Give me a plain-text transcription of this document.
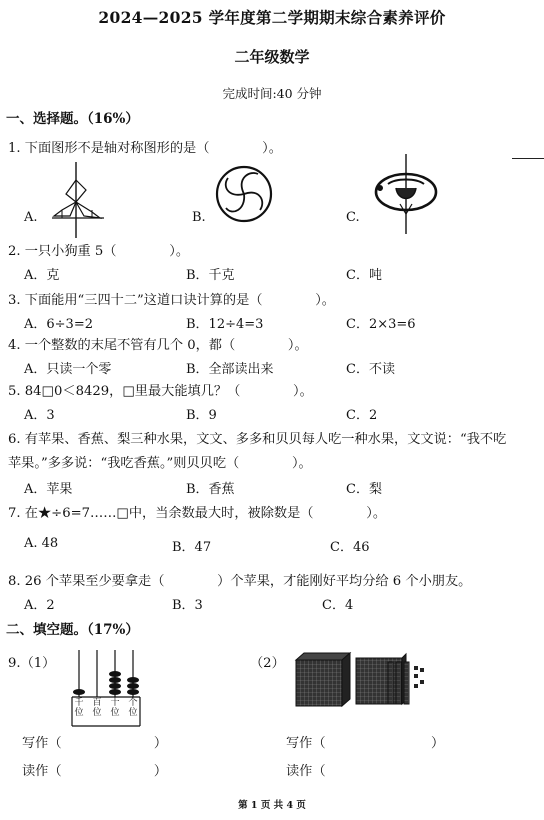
2024—2025 学年度第二学期期末综合素养评价
二年级数学
完成时间:40 分钟
一、选择题。（16%）
1. 下面图形不是轴对称图形的是（　　　　）。
A.	B.	C.
2. 一只小狗重 5（　　　　）。
A．克	B．千克	C．吨
3. 下面能用“三四十二”这道口诀计算的是（　　　　）。
A．6÷3=2	B．12÷4=3	C．2×3=6
4. 一个整数的末尾不管有几个 0，都（　　　　）。
A．只读一个零	B．全部读出来	C．不读
5. 84□0＜8429，□里最大能填几？（　　　　）。
A．3	B．9	C．2
6. 有苹果、香蕉、梨三种水果，文文、多多和贝贝每人吃一种水果，文文说：“我不吃
苹果。”多多说：“我吃香蕉。”则贝贝吃（　　　　）。
A．苹果	B．香蕉	C．梨
7. 在★÷6=7……□中，当余数最大时，被除数是（　　　　）。
A. 48	B．47	C．46
8. 26 个苹果至少要拿走（　　　　）个苹果，才能刚好平均分给 6 个小朋友。
A．2	B．3	C．4
二、填空题。（17%）
9.（1）
千位
百位
十位
个位
（2）
写作（　　　　　　　）
读作（　　　　　　　）
写作（　　　　　　　　）
读作（
第 1 页 共 4 页
